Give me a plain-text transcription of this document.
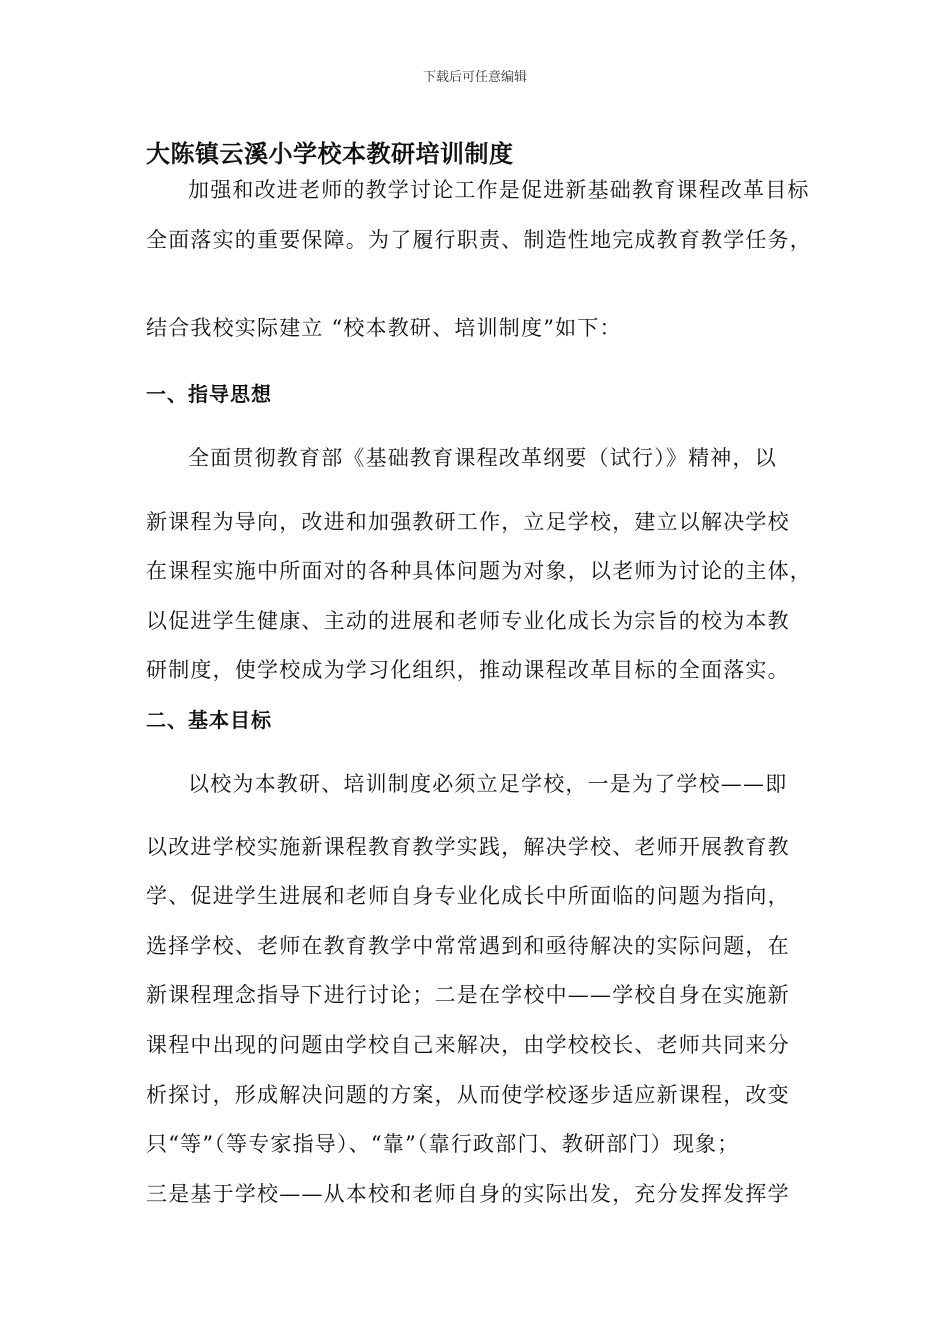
下载后可任意编辑
大陈镇云溪小学校本教研培训制度
加强和改进老师的教学讨论工作是促进新基础教育课程改革目标
全面落实的重要保障。为了履行职责、制造性地完成教育教学任务，
结合我校实际建立 “校本教研、培训制度”如下：
一、指导思想
全面贯彻教育部《基础教育课程改革纲要（试行）》精神，以
新课程为导向，改进和加强教研工作，立足学校，建立以解决学校
在课程实施中所面对的各种具体问题为对象，以老师为讨论的主体，
以促进学生健康、主动的进展和老师专业化成长为宗旨的校为本教
研制度，使学校成为学习化组织，推动课程改革目标的全面落实。
二、基本目标
以校为本教研、培训制度必须立足学校，一是为了学校——即
以改进学校实施新课程教育教学实践，解决学校、老师开展教育教
学、促进学生进展和老师自身专业化成长中所面临的问题为指向，
选择学校、老师在教育教学中常常遇到和亟待解决的实际问题，在
新课程理念指导下进行讨论；二是在学校中——学校自身在实施新
课程中出现的问题由学校自己来解决，由学校校长、老师共同来分
析探讨，形成解决问题的方案，从而使学校逐步适应新课程，改变
只“等”（等专家指导）、“靠”（靠行政部门、教研部门）现象；
三是基于学校——从本校和老师自身的实际出发，充分发挥发挥学
